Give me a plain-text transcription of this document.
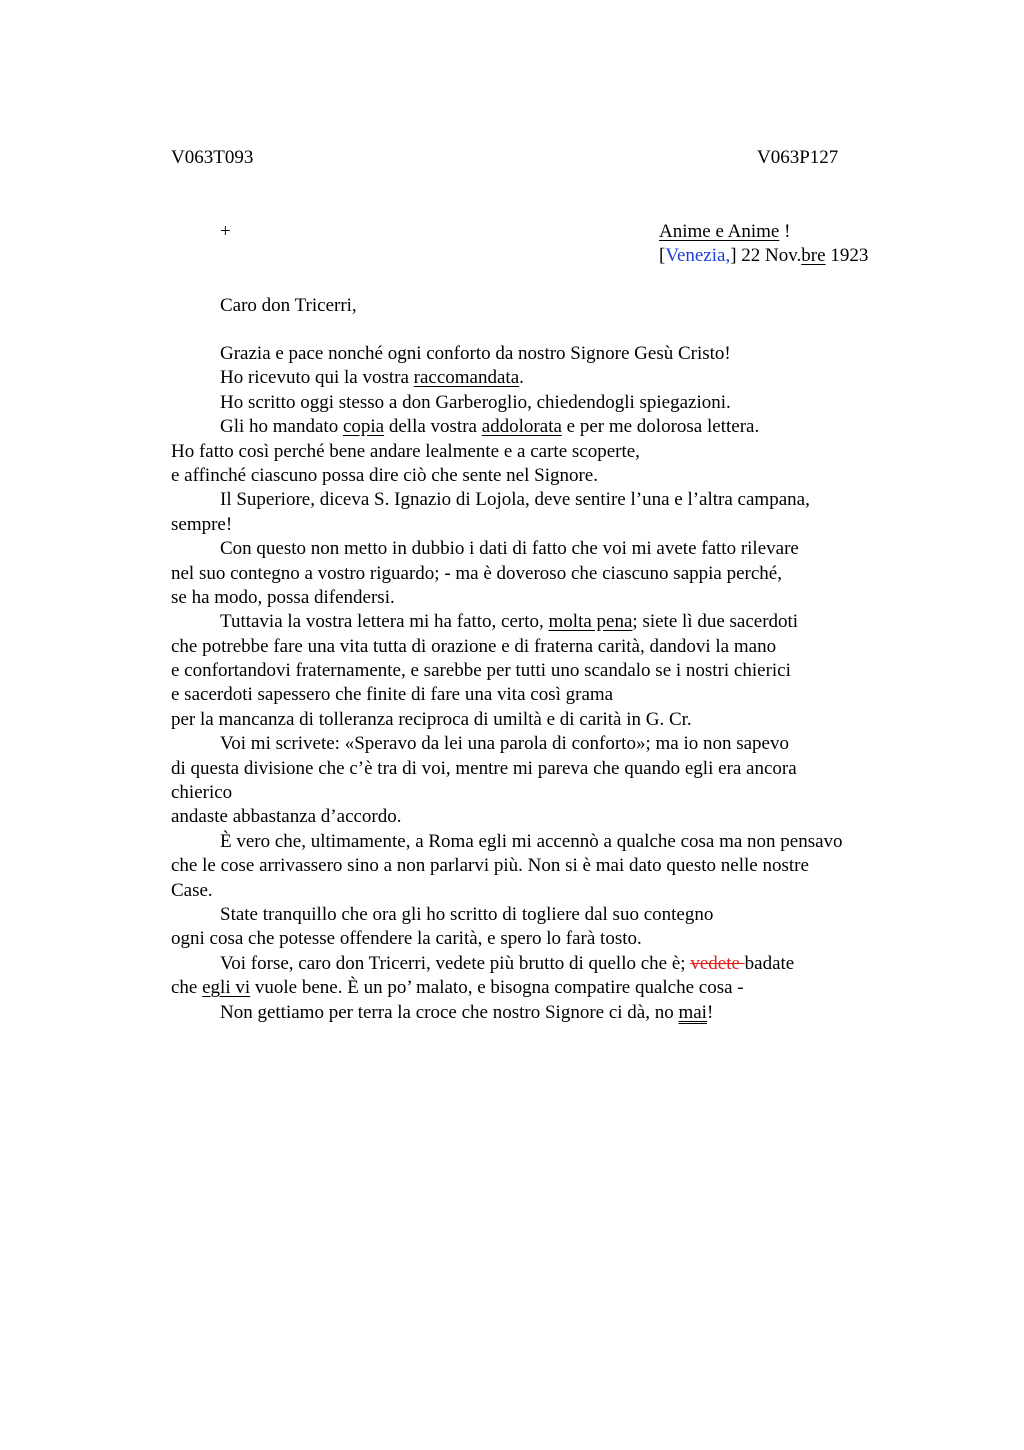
V063T093	V063P127
+	Anime e Anime !
[Venezia,] 22 Nov.bre 1923
Caro don Tricerri,
Grazia e pace nonché ogni conforto da nostro Signore Gesù Cristo!
Ho ricevuto qui la vostra raccomandata.
Ho scritto oggi stesso a don Garberoglio, chiedendogli spiegazioni.
Gli ho mandato copia della vostra addolorata e per me dolorosa lettera.
Ho fatto così perché bene andare lealmente e a carte scoperte,
e affinché ciascuno possa dire ciò che sente nel Signore.
Il Superiore, diceva S. Ignazio di Lojola, deve sentire l’una e l’altra campana,
sempre!
Con questo non metto in dubbio i dati di fatto che voi mi avete fatto rilevare
nel suo contegno a vostro riguardo; - ma è doveroso che ciascuno sappia perché,
se ha modo, possa difendersi.
Tuttavia la vostra lettera mi ha fatto, certo, molta pena; siete lì due sacerdoti
che potrebbe fare una vita tutta di orazione e di fraterna carità, dandovi la mano
e confortandovi fraternamente, e sarebbe per tutti uno scandalo se i nostri chierici
e sacerdoti sapessero che finite di fare una vita così grama
per la mancanza di tolleranza reciproca di umiltà e di carità in G. Cr.
Voi mi scrivete: «Speravo da lei una parola di conforto»; ma io non sapevo
di questa divisione che c’è tra di voi, mentre mi pareva che quando egli era ancora
chierico
andaste abbastanza d’accordo.
È vero che, ultimamente, a Roma egli mi accennò a qualche cosa ma non pensavo
che le cose arrivassero sino a non parlarvi più. Non si è mai dato questo nelle nostre
Case.
State tranquillo che ora gli ho scritto di togliere dal suo contegno
ogni cosa che potesse offendere la carità, e spero lo farà tosto.
Voi forse, caro don Tricerri, vedete più brutto di quello che è; vedete badate
che egli vi vuole bene. È un po’ malato, e bisogna compatire qualche cosa -
Non gettiamo per terra la croce che nostro Signore ci dà, no mai!
